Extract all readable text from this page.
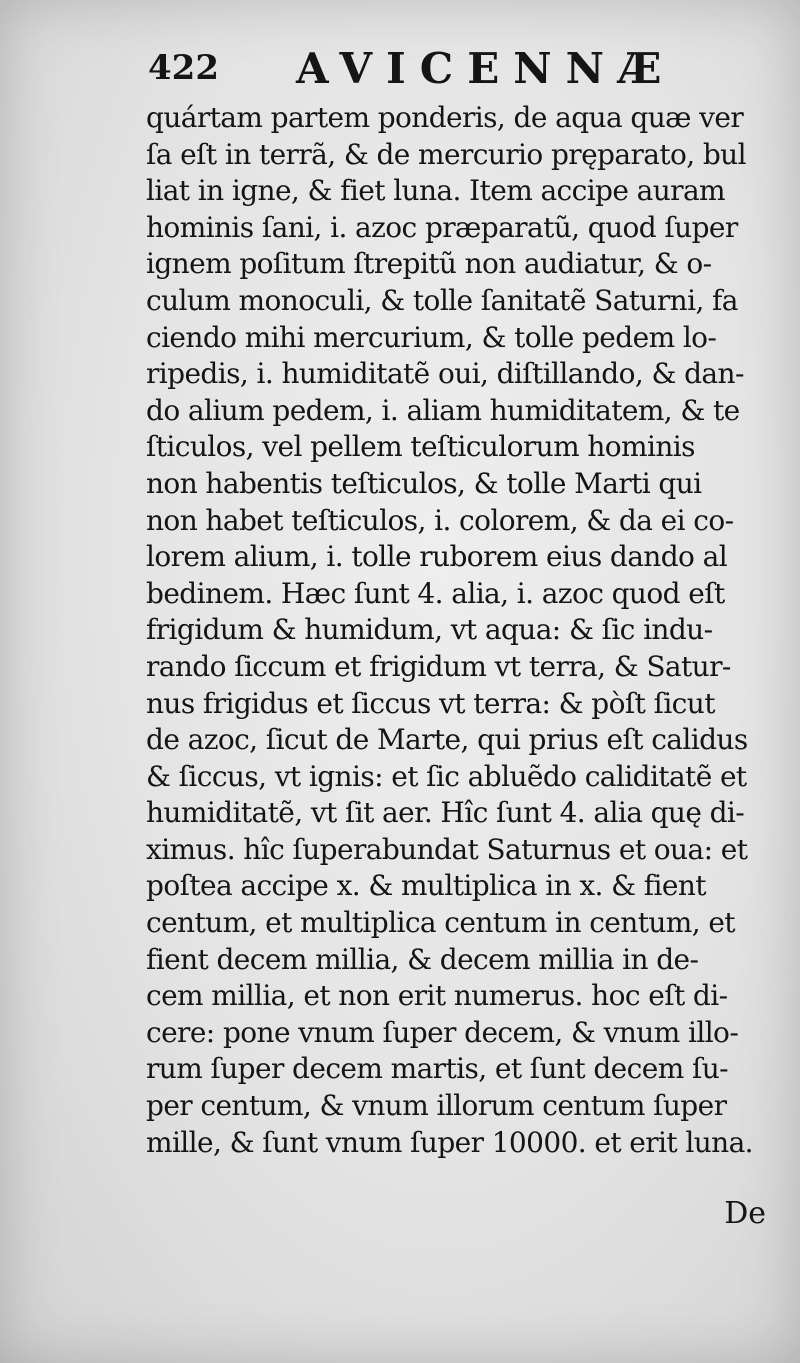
422 AVICENNÆ
quártam partem ponderis, de aqua quæ ver
ſa eſt in terrã, & de mercurio pręparato, bul
liat in igne, & fiet luna. Item accipe auram
hominis ſani, i. azoc præparatũ, quod ſuper
ignem poſitum ſtrepitũ non audiatur, & o-
culum monoculi, & tolle ſanitatẽ Saturni, fa
ciendo mihi mercurium, & tolle pedem lo-
ripedis, i. humiditatẽ oui, diſtillando, & dan-
do alium pedem, i. aliam humiditatem, & te
ſticulos, vel pellem teſticulorum hominis
non habentis teſticulos, & tolle Marti qui
non habet teſticulos, i. colorem, & da ei co-
lorem alium, i. tolle ruborem eius dando al
bedinem. Hæc ſunt 4. alia, i. azoc quod eſt
frigidum & humidum, vt aqua: & ſic indu-
rando ſiccum et frigidum vt terra, & Satur-
nus frigidus et ſiccus vt terra: & pòſt ſicut
de azoc, ſicut de Marte, qui prius eſt calidus
& ſiccus, vt ignis: et ſic abluẽdo caliditatẽ et
humiditatẽ, vt ſit aer. Hîc ſunt 4. alia quę di-
ximus. hîc ſuperabundat Saturnus et oua: et
poſtea accipe x. & multiplica in x. & fient
centum, et multiplica centum in centum, et
fient decem millia, & decem millia in de-
cem millia, et non erit numerus. hoc eſt di-
cere: pone vnum ſuper decem, & vnum illo-
rum ſuper decem martis, et ſunt decem ſu-
per centum, & vnum illorum centum ſuper
mille, & ſunt vnum ſuper 10000. et erit luna.
De
